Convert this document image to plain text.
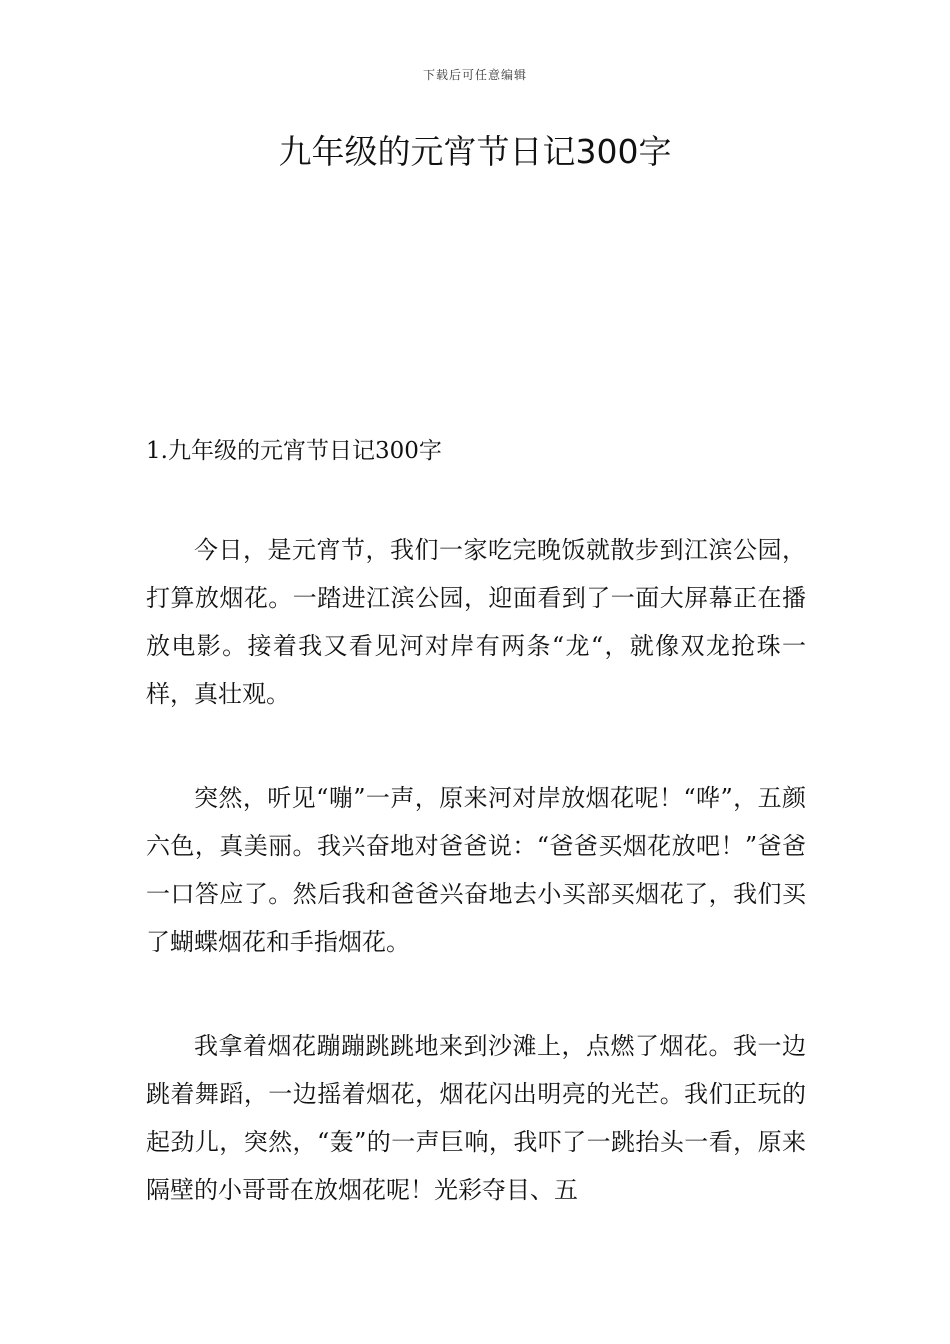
下载后可任意编辑
九年级的元宵节日记300字
1.九年级的元宵节日记300字

今日，是元宵节，我们一家吃完晚饭就散步到江滨公园，打算放烟花。一踏进江滨公园，迎面看到了一面大屏幕正在播放电影。接着我又看见河对岸有两条“龙“，就像双龙抢珠一样，真壮观。

突然，听见“嘣”一声，原来河对岸放烟花呢！“哗”，五颜六色，真美丽。我兴奋地对爸爸说：“爸爸买烟花放吧！”爸爸一口答应了。然后我和爸爸兴奋地去小买部买烟花了，我们买了蝴蝶烟花和手指烟花。

我拿着烟花蹦蹦跳跳地来到沙滩上，点燃了烟花。我一边跳着舞蹈，一边摇着烟花，烟花闪出明亮的光芒。我们正玩的起劲儿，突然，“轰”的一声巨响，我吓了一跳抬头一看，原来隔壁的小哥哥在放烟花呢！光彩夺目、五
